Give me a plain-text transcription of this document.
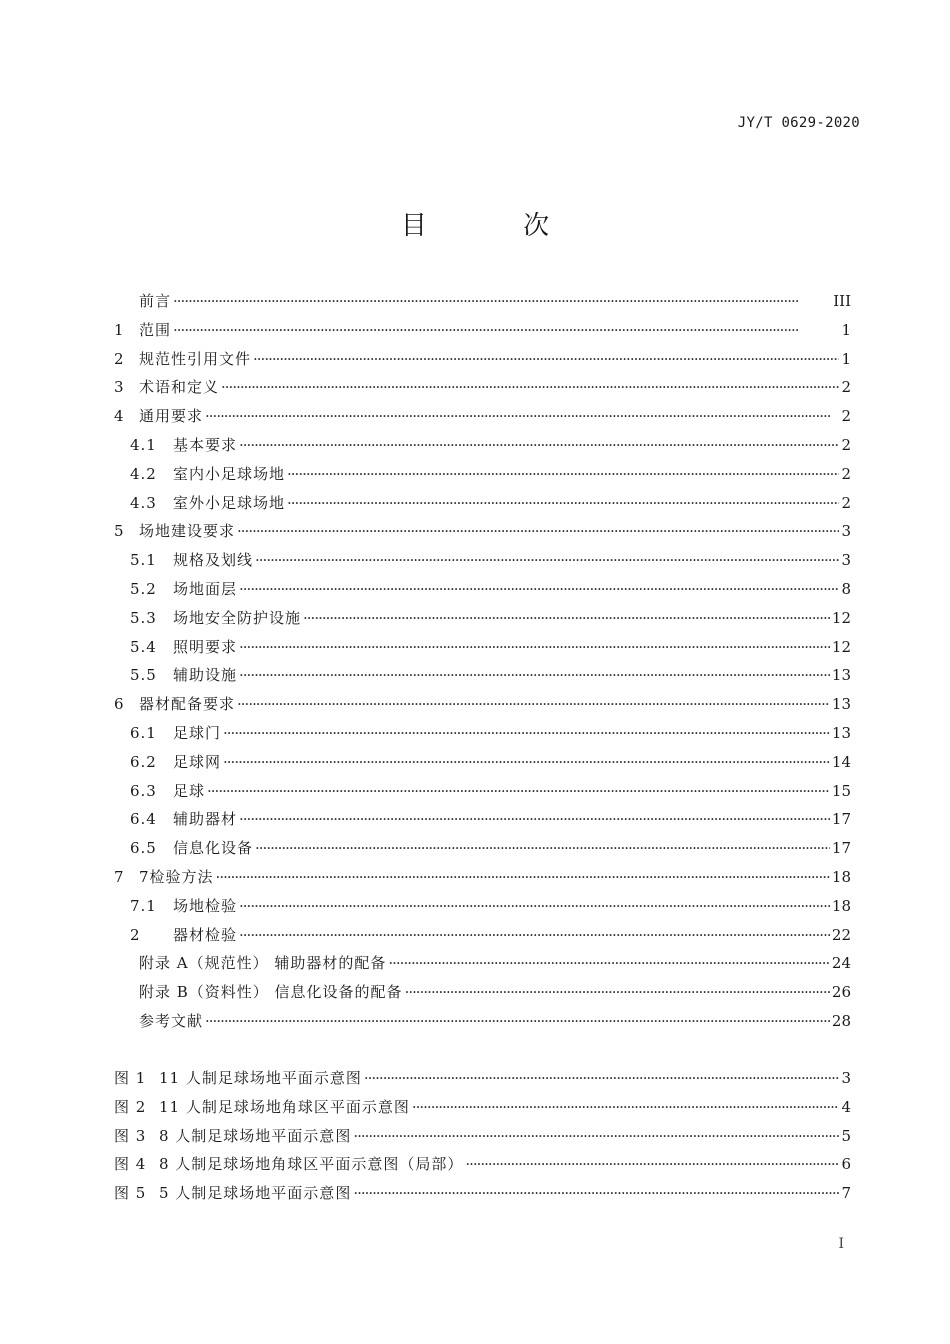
JY/T 0629-2020
目 次
前言 ·····	III
1 范围 ·····	1
2 规范性引用文件 ·····	1
3 术语和定义 ·····	2
4 通用要求 ·····	2
4.1	基本要求 ·····	2
4.2	室内小足球场地 ·····	2
4.3	室外小足球场地 ·····	2
5 场地建设要求 ·····	3
5.1	规格及划线 ·····	3
5.2	场地面层 ·····	8
5.3	场地安全防护设施 ·····	12
5.4	照明要求 ·····	12
5.5	辅助设施 ·····	13
6 器材配备要求 ·····	13
6.1	足球门 ·····	13
6.2	足球网 ·····	14
6.3	足球 ·····	15
6.4	辅助器材 ·····	17
6.5	信息化设备 ·····	17
7 7检验方法 ·····	18
7.1	场地检验 ·····	18
2	器材检验 ·····	22
附录 A（规范性） 辅助器材的配备 ·····	24
附录 B（资料性） 信息化设备的配备 ·····	26
参考文献 ·····	28
图 1 11 人制足球场地平面示意图 ·····	3
图 2 11 人制足球场地角球区平面示意图 ·····	4
图 3 8 人制足球场地平面示意图 ·····	5
图 4 8 人制足球场地角球区平面示意图（局部） ·····	6
图 5 5 人制足球场地平面示意图 ·····	7
I
